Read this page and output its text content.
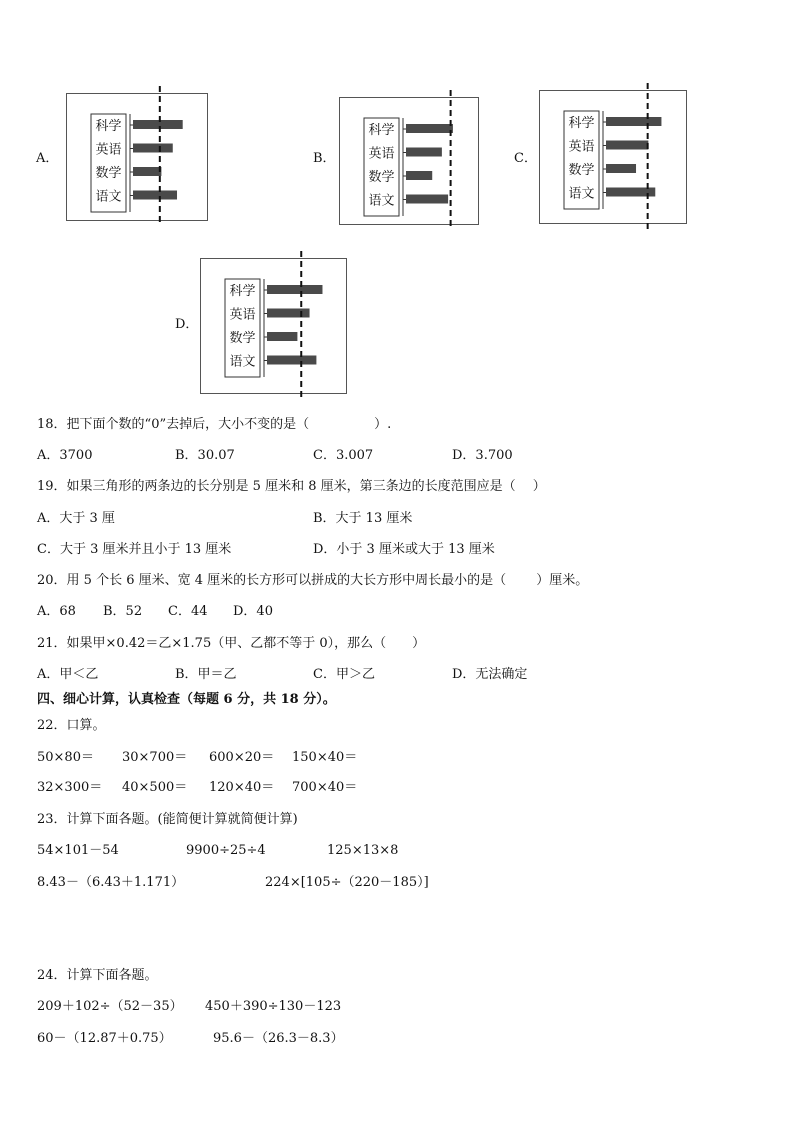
A．
科学
英语
数学
语文
B．
科学
英语
数学
语文
C．
科学
英语
数学
语文
D．
科学
英语
数学
语文
18．把下面个数的“0”去掉后，大小不变的是（　　　　　）.
A．3700	B．30.07	C．3.007	D．3.700
19．如果三角形的两条边的长分别是 5 厘米和 8 厘米，第三条边的长度范围应是（　 ）
A．大于 3 厘	B．大于 13 厘米
C．大于 3 厘米并且小于 13 厘米	D．小于 3 厘米或大于 13 厘米
20．用 5 个长 6 厘米、宽 4 厘米的长方形可以拼成的大长方形中周长最小的是（　　 ）厘米。
A．68 B．52 C．44 D．40
21．如果甲×0.42＝乙×1.75（甲、乙都不等于 0），那么（　　）
A．甲＜乙	B．甲＝乙	C．甲＞乙	D．无法确定
四、细心计算，认真检查（每题 6 分，共 18 分）。
22．口算。
50×80＝ 30×700＝ 600×20＝ 150×40＝
32×300＝ 40×500＝ 120×40＝ 700×40＝
23．计算下面各题。(能简便计算就简便计算)
54×101－54	9900÷25÷4	125×13×8
8.43－（6.43＋1.171）	224×[105÷（220－185）]
24．计算下面各题。
209＋102÷（52－35） 450＋390÷130－123
60－（12.87＋0.75）	95.6－（26.3－8.3）
